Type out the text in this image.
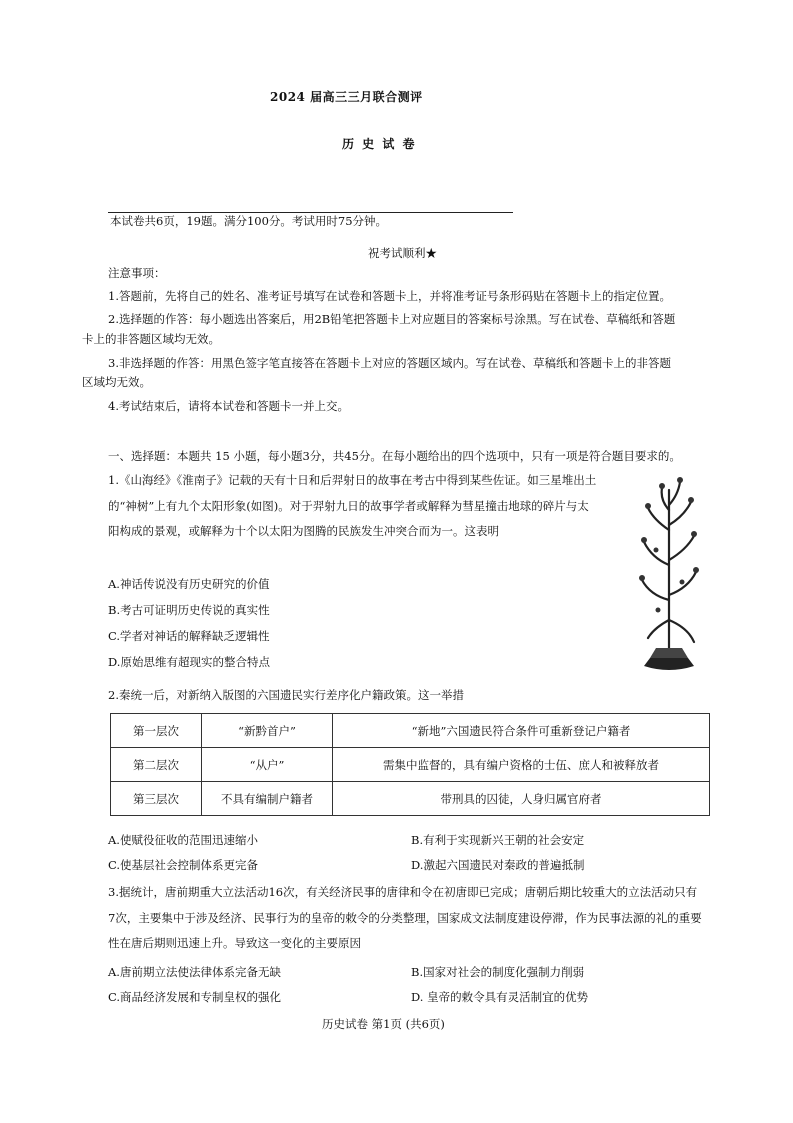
2024 届高三三月联合测评
历 史 试 卷
本试卷共6页，19题。满分100分。考试用时75分钟。
祝考试顺利★
注意事项：
1.答题前，先将自己的姓名、准考证号填写在试卷和答题卡上，并将准考证号条形码贴在答题卡上的指定位置。
2.选择题的作答：每小题选出答案后，用2B铅笔把答题卡上对应题目的答案标号涂黑。写在试卷、草稿纸和答题
卡上的非答题区域均无效。
3.非选择题的作答：用黑色签字笔直接答在答题卡上对应的答题区域内。写在试卷、草稿纸和答题卡上的非答题
区域均无效。
4.考试结束后，请将本试卷和答题卡一并上交。
一、选择题：本题共 15 小题，每小题3分，共45分。在每小题给出的四个选项中，只有一项是符合题目要求的。
1.《山海经》《淮南子》记载的天有十日和后羿射日的故事在考古中得到某些佐证。如三星堆出土
的“神树”上有九个太阳形象(如图)。对于羿射九日的故事学者或解释为彗星撞击地球的碎片与太
阳构成的景观，或解释为十个以太阳为图腾的民族发生冲突合而为一。这表明
A.神话传说没有历史研究的价值
B.考古可证明历史传说的真实性
C.学者对神话的解释缺乏逻辑性
D.原始思维有超现实的整合特点
2.秦统一后，对新纳入版图的六国遗民实行差序化户籍政策。这一举措
第一层次	“新黔首户”	“新地”六国遗民符合条件可重新登记户籍者
第二层次	“从户”	需集中监督的，具有编户资格的士伍、庶人和被释放者
第三层次	不具有编制户籍者	带刑具的囚徒，人身归属官府者
A.使赋役征收的范围迅速缩小	B.有利于实现新兴王朝的社会安定
C.使基层社会控制体系更完备	D.激起六国遗民对秦政的普遍抵制
3.据统计，唐前期重大立法活动16次，有关经济民事的唐律和令在初唐即已完成；唐朝后期比较重大的立法活动只有
7次，主要集中于涉及经济、民事行为的皇帝的敕令的分类整理，国家成文法制度建设停滞，作为民事法源的礼的重要
性在唐后期则迅速上升。导致这一变化的主要原因
A.唐前期立法使法律体系完备无缺	B.国家对社会的制度化强制力削弱
C.商品经济发展和专制皇权的强化	D. 皇帝的敕令具有灵活制宜的优势
历史试卷 第1页 (共6页)
